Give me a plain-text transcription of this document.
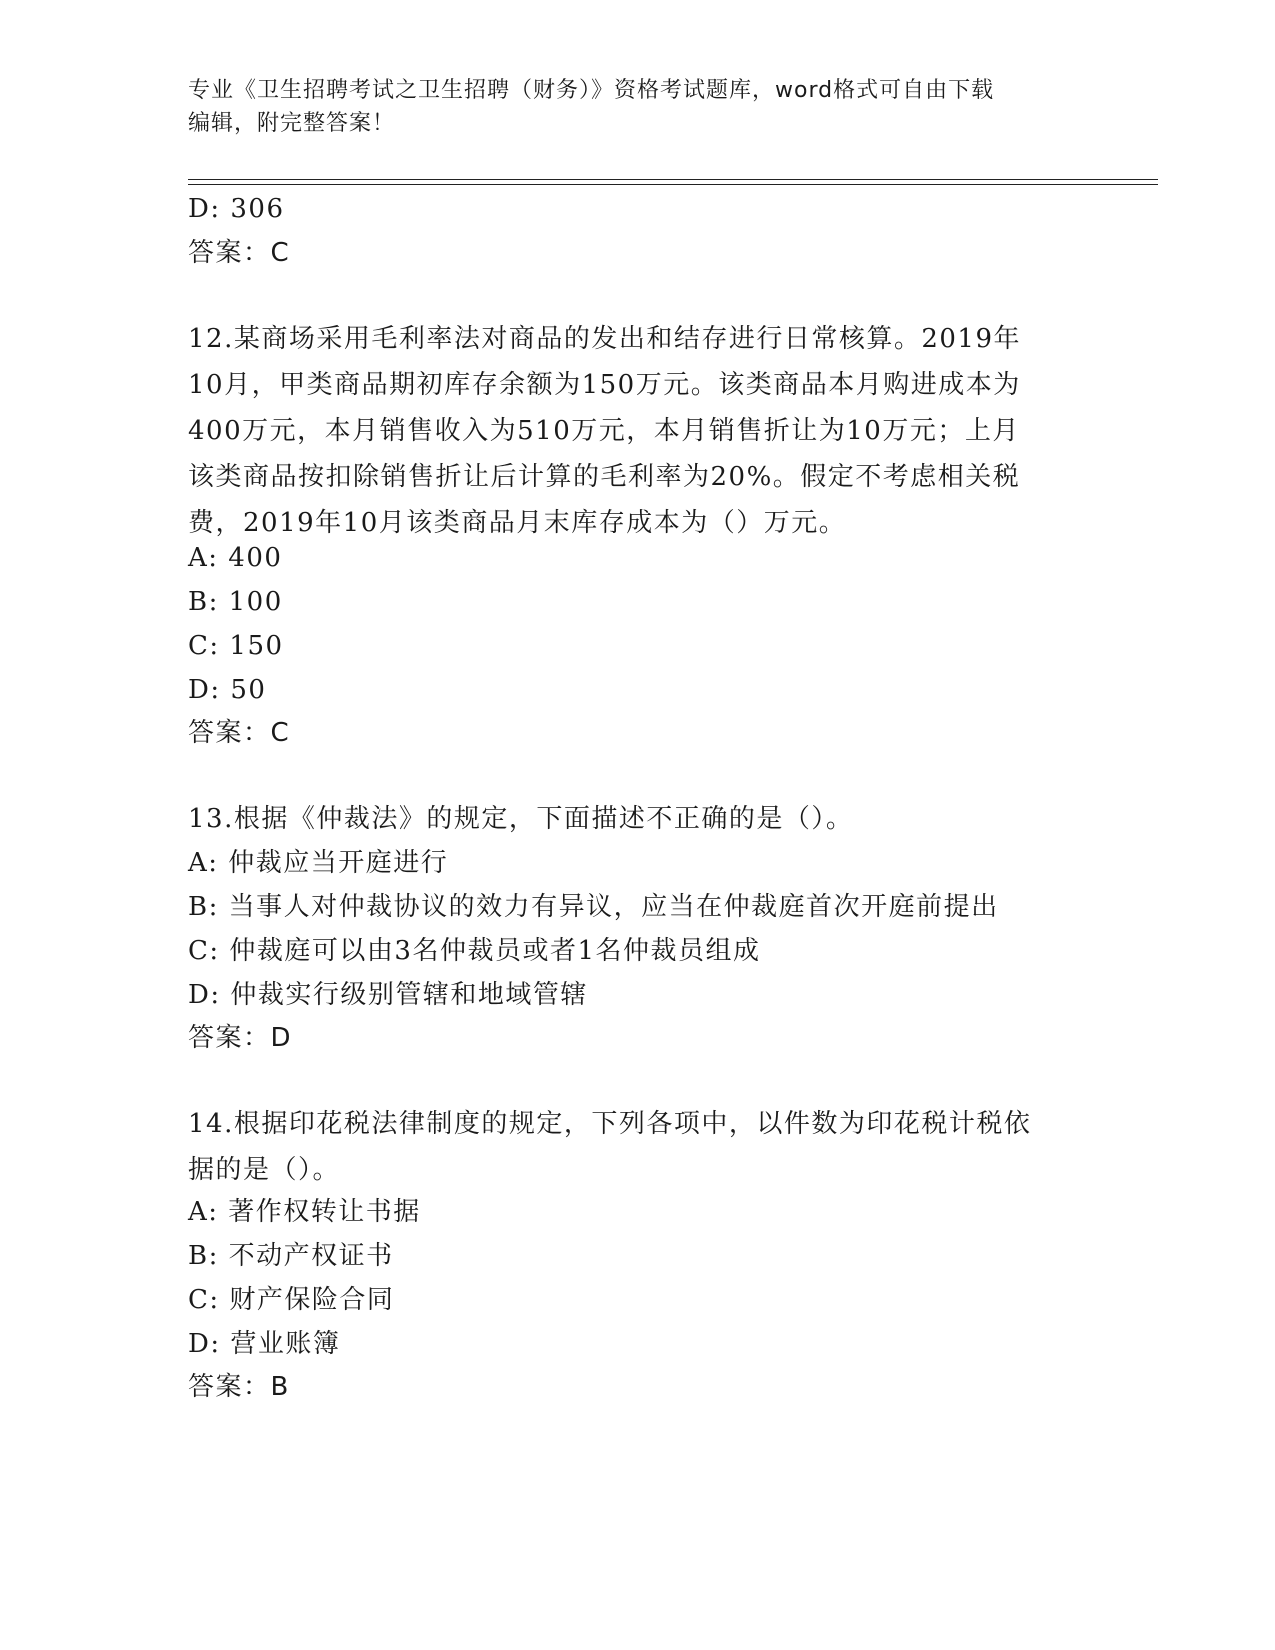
专业《卫生招聘考试之卫生招聘（财务）》资格考试题库，word格式可自由下载
编辑，附完整答案！
D: 306
答案：C
12.某商场采用毛利率法对商品的发出和结存进行日常核算。2019年
10月，甲类商品期初库存余额为150万元。该类商品本月购进成本为
400万元，本月销售收入为510万元，本月销售折让为10万元；上月
该类商品按扣除销售折让后计算的毛利率为20%。假定不考虑相关税
费，2019年10月该类商品月末库存成本为（）万元。
A: 400
B: 100
C: 150
D: 50
答案：C
13.根据《仲裁法》的规定，下面描述不正确的是（）。
A: 仲裁应当开庭进行
B: 当事人对仲裁协议的效力有异议，应当在仲裁庭首次开庭前提出
C: 仲裁庭可以由3名仲裁员或者1名仲裁员组成
D: 仲裁实行级别管辖和地域管辖
答案：D
14.根据印花税法律制度的规定，下列各项中，以件数为印花税计税依
据的是（）。
A: 著作权转让书据
B: 不动产权证书
C: 财产保险合同
D: 营业账簿
答案：B
